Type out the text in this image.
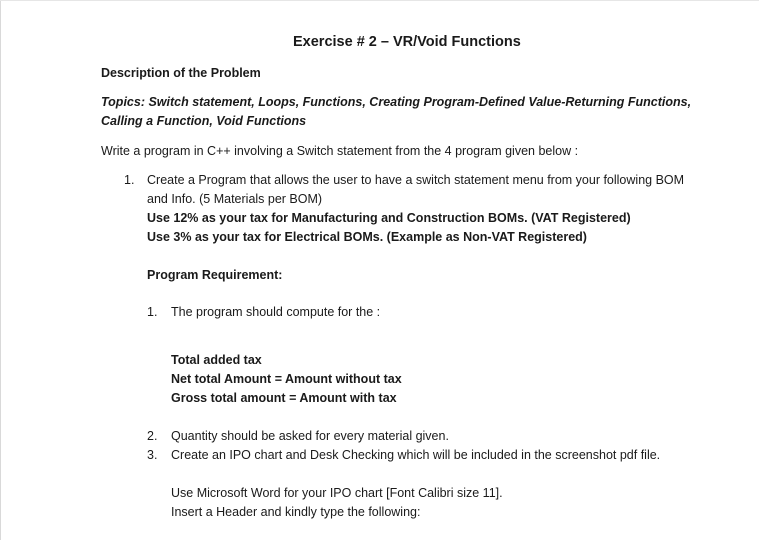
Exercise # 2 – VR/Void Functions
Description of the Problem
Topics: Switch statement, Loops, Functions, Creating Program-Defined Value-Returning Functions,
Calling a Function, Void Functions
Write a program in C++ involving a Switch statement from the 4 program given below :
1. Create a Program that allows the user to have a switch statement menu from your following BOM
and Info. (5 Materials per BOM)
Use 12% as your tax for Manufacturing and Construction BOMs. (VAT Registered)
Use 3% as your tax for Electrical BOMs. (Example as Non-VAT Registered)
Program Requirement:
1. The program should compute for the :
Total added tax
Net total Amount = Amount without tax
Gross total amount = Amount with tax
2. Quantity should be asked for every material given.
3. Create an IPO chart and Desk Checking which will be included in the screenshot pdf file.
Use Microsoft Word for your IPO chart [Font Calibri size 11].
Insert a Header and kindly type the following:
